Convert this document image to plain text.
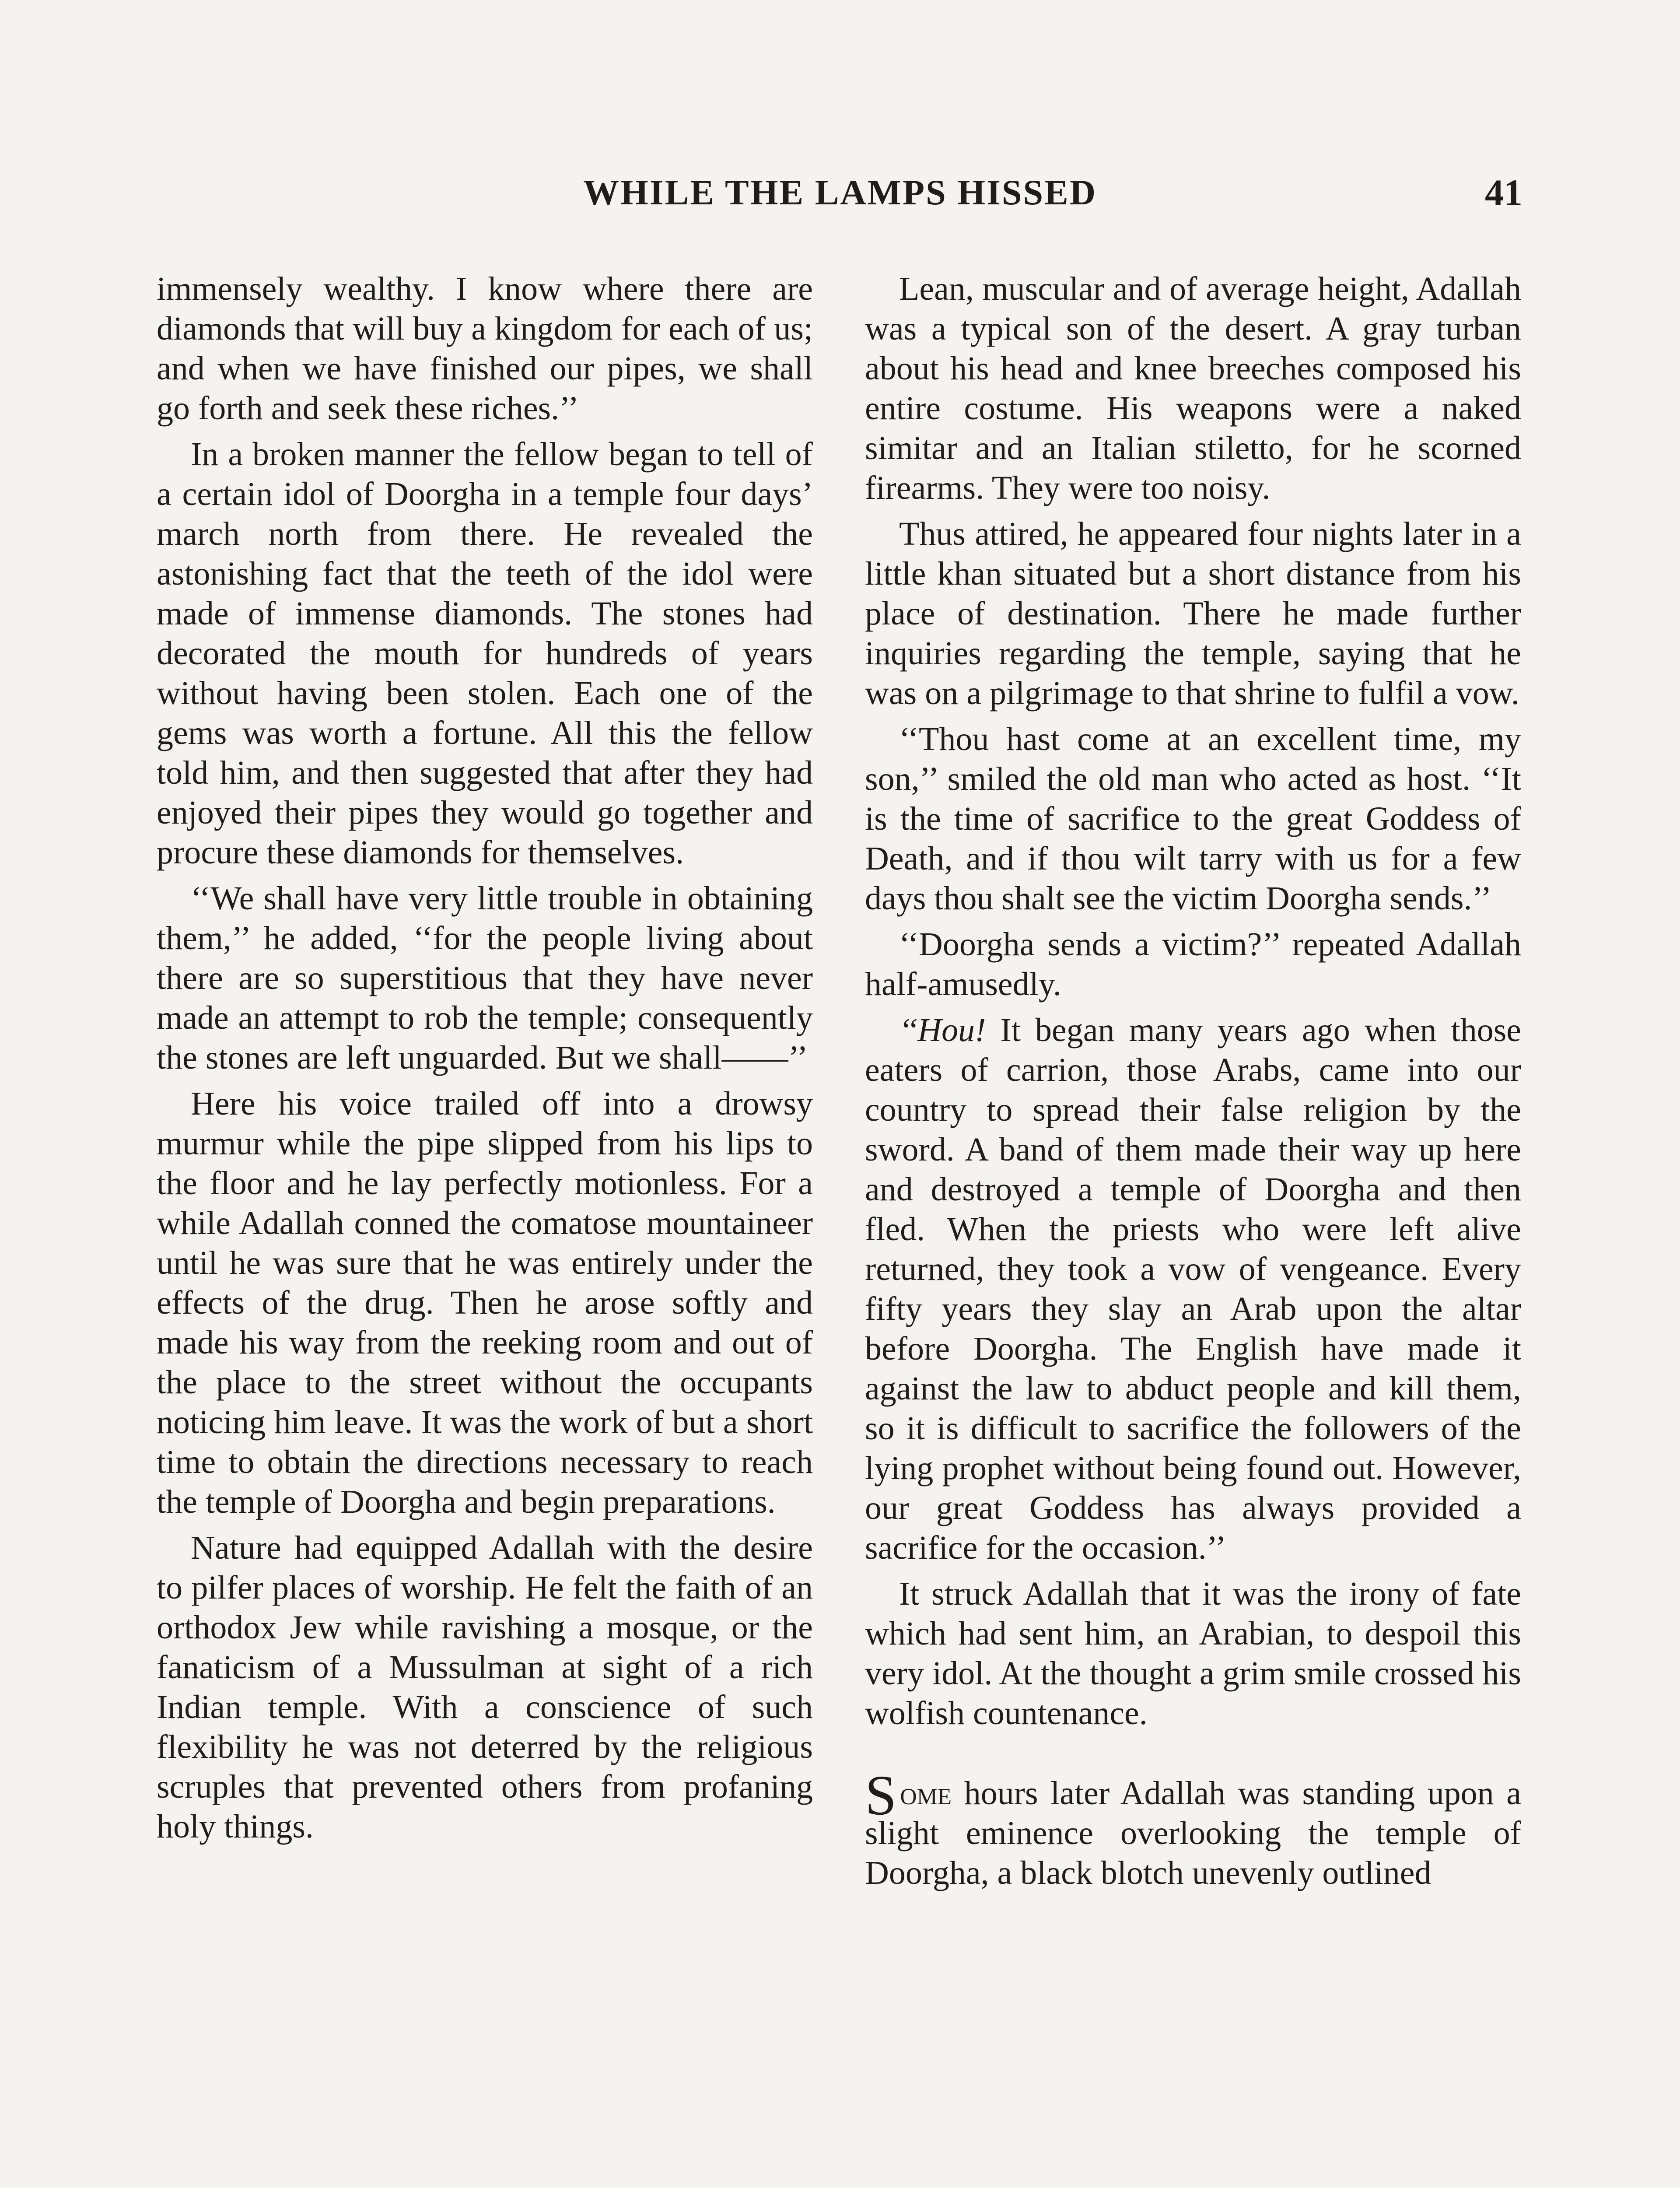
WHILE THE LAMPS HISSED	41

immensely wealthy. I know where there are diamonds that will buy a kingdom for each of us; and when we have finished our pipes, we shall go forth and seek these riches.’’

In a broken manner the fellow began to tell of a certain idol of Doorgha in a temple four days’ march north from there. He revealed the astonishing fact that the teeth of the idol were made of immense diamonds. The stones had decorated the mouth for hundreds of years without having been stolen. Each one of the gems was worth a fortune. All this the fellow told him, and then suggested that after they had enjoyed their pipes they would go together and procure these diamonds for themselves.

‘‘We shall have very little trouble in obtaining them,’’ he added, ‘‘for the people living about there are so superstitious that they have never made an attempt to rob the temple; consequently the stones are left unguarded. But we shall——’’

Here his voice trailed off into a drowsy murmur while the pipe slipped from his lips to the floor and he lay perfectly motionless. For a while Adallah conned the comatose mountaineer until he was sure that he was entirely under the effects of the drug. Then he arose softly and made his way from the reeking room and out of the place to the street without the occupants noticing him leave. It was the work of but a short time to obtain the directions necessary to reach the temple of Doorgha and begin preparations.

Nature had equipped Adallah with the desire to pilfer places of worship. He felt the faith of an orthodox Jew while ravishing a mosque, or the fanaticism of a Mussulman at sight of a rich Indian temple. With a conscience of such flexibility he was not deterred by the religious scruples that prevented others from profaning holy things.

Lean, muscular and of average height, Adallah was a typical son of the desert. A gray turban about his head and knee breeches composed his entire costume. His weapons were a naked simitar and an Italian stiletto, for he scorned firearms. They were too noisy.

Thus attired, he appeared four nights later in a little khan situated but a short distance from his place of destination. There he made further inquiries regarding the temple, saying that he was on a pilgrimage to that shrine to fulfil a vow.

‘‘Thou hast come at an excellent time, my son,’’ smiled the old man who acted as host. ‘‘It is the time of sacrifice to the great Goddess of Death, and if thou wilt tarry with us for a few days thou shalt see the victim Doorgha sends.’’

‘‘Doorgha sends a victim?’’ repeated Adallah half-amusedly.

‘‘Hou! It began many years ago when those eaters of carrion, those Arabs, came into our country to spread their false religion by the sword. A band of them made their way up here and destroyed a temple of Doorgha and then fled. When the priests who were left alive returned, they took a vow of vengeance. Every fifty years they slay an Arab upon the altar before Doorgha. The English have made it against the law to abduct people and kill them, so it is difficult to sacrifice the followers of the lying prophet without being found out. However, our great Goddess has always provided a sacrifice for the occasion.’’

It struck Adallah that it was the irony of fate which had sent him, an Arabian, to despoil this very idol. At the thought a grim smile crossed his wolfish countenance.

Some hours later Adallah was standing upon a slight eminence overlooking the temple of Doorgha, a black blotch unevenly outlined
